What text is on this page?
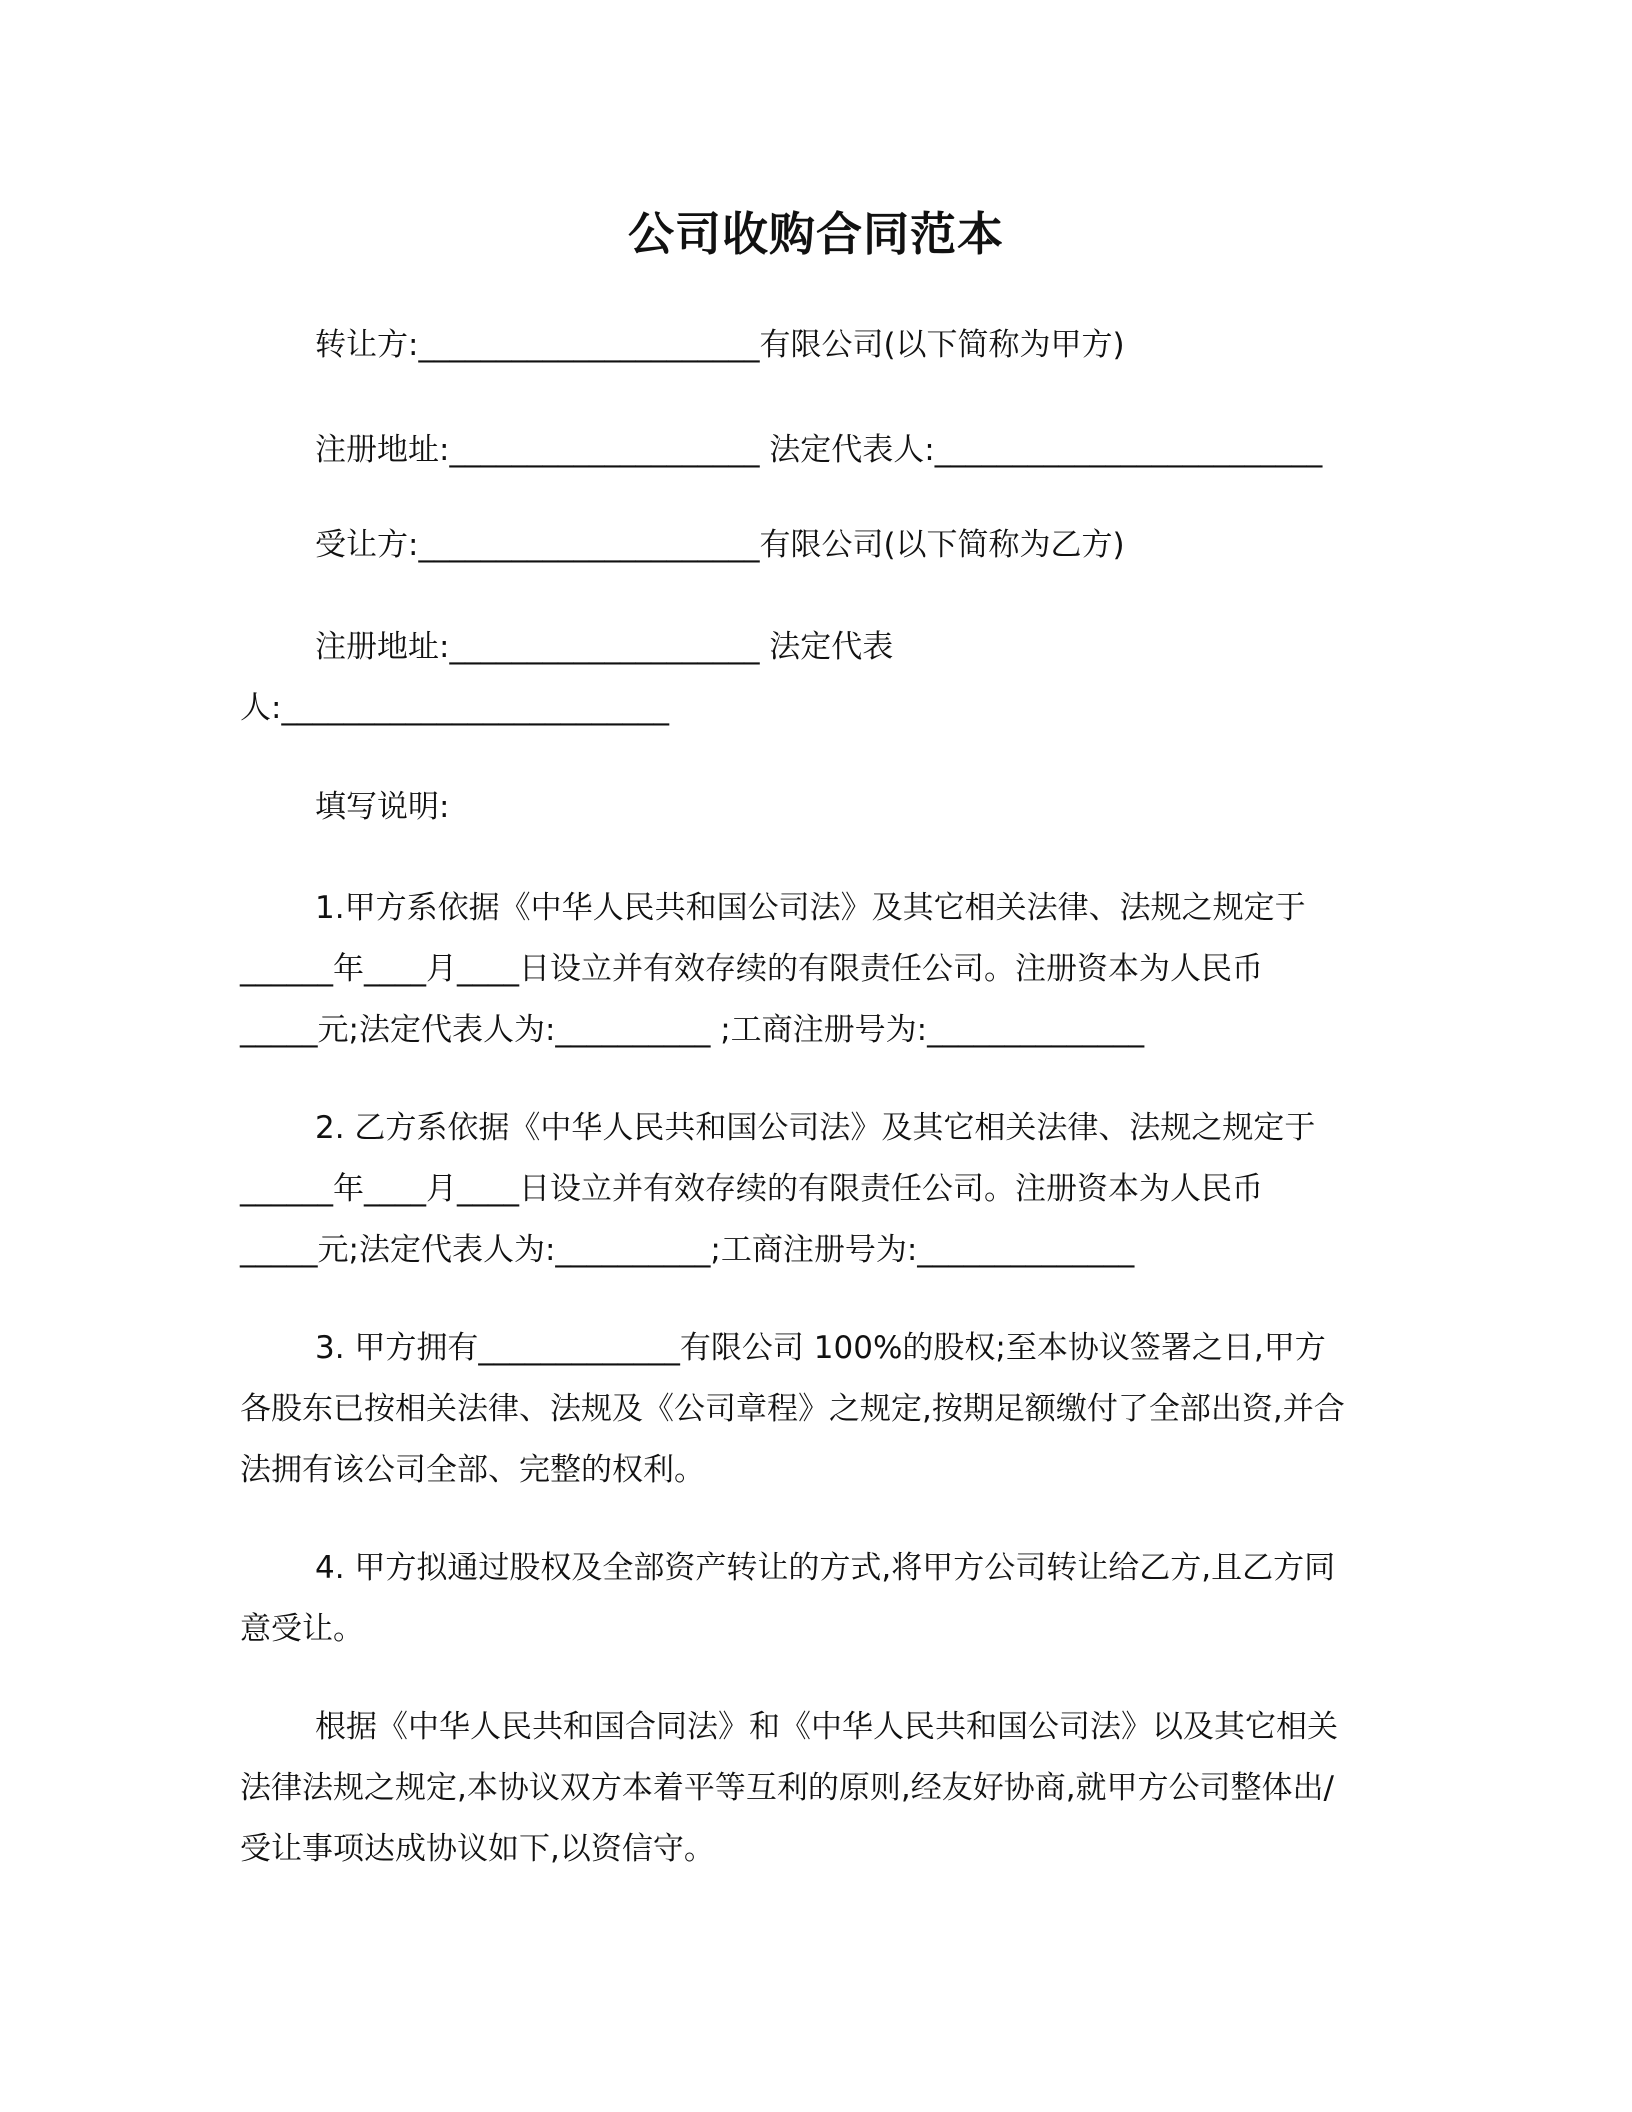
公司收购合同范本
转让方:______________________有限公司(以下简称为甲方)
注册地址:____________________ 法定代表人:_________________________
受让方:______________________有限公司(以下简称为乙方)
注册地址:____________________ 法定代表
人:_________________________
填写说明:
1.甲方系依据《中华人民共和国公司法》及其它相关法律、法规之规定于
______年____月____日设立并有效存续的有限责任公司。注册资本为人民币
_____元;法定代表人为:__________ ;工商注册号为:______________
2. 乙方系依据《中华人民共和国公司法》及其它相关法律、法规之规定于
______年____月____日设立并有效存续的有限责任公司。注册资本为人民币
_____元;法定代表人为:__________;工商注册号为:______________
3. 甲方拥有_____________有限公司 100%的股权;至本协议签署之日,甲方
各股东已按相关法律、法规及《公司章程》之规定,按期足额缴付了全部出资,并合
法拥有该公司全部、完整的权利。
4. 甲方拟通过股权及全部资产转让的方式,将甲方公司转让给乙方,且乙方同
意受让。
根据《中华人民共和国合同法》和《中华人民共和国公司法》以及其它相关
法律法规之规定,本协议双方本着平等互利的原则,经友好协商,就甲方公司整体出/
受让事项达成协议如下,以资信守。
